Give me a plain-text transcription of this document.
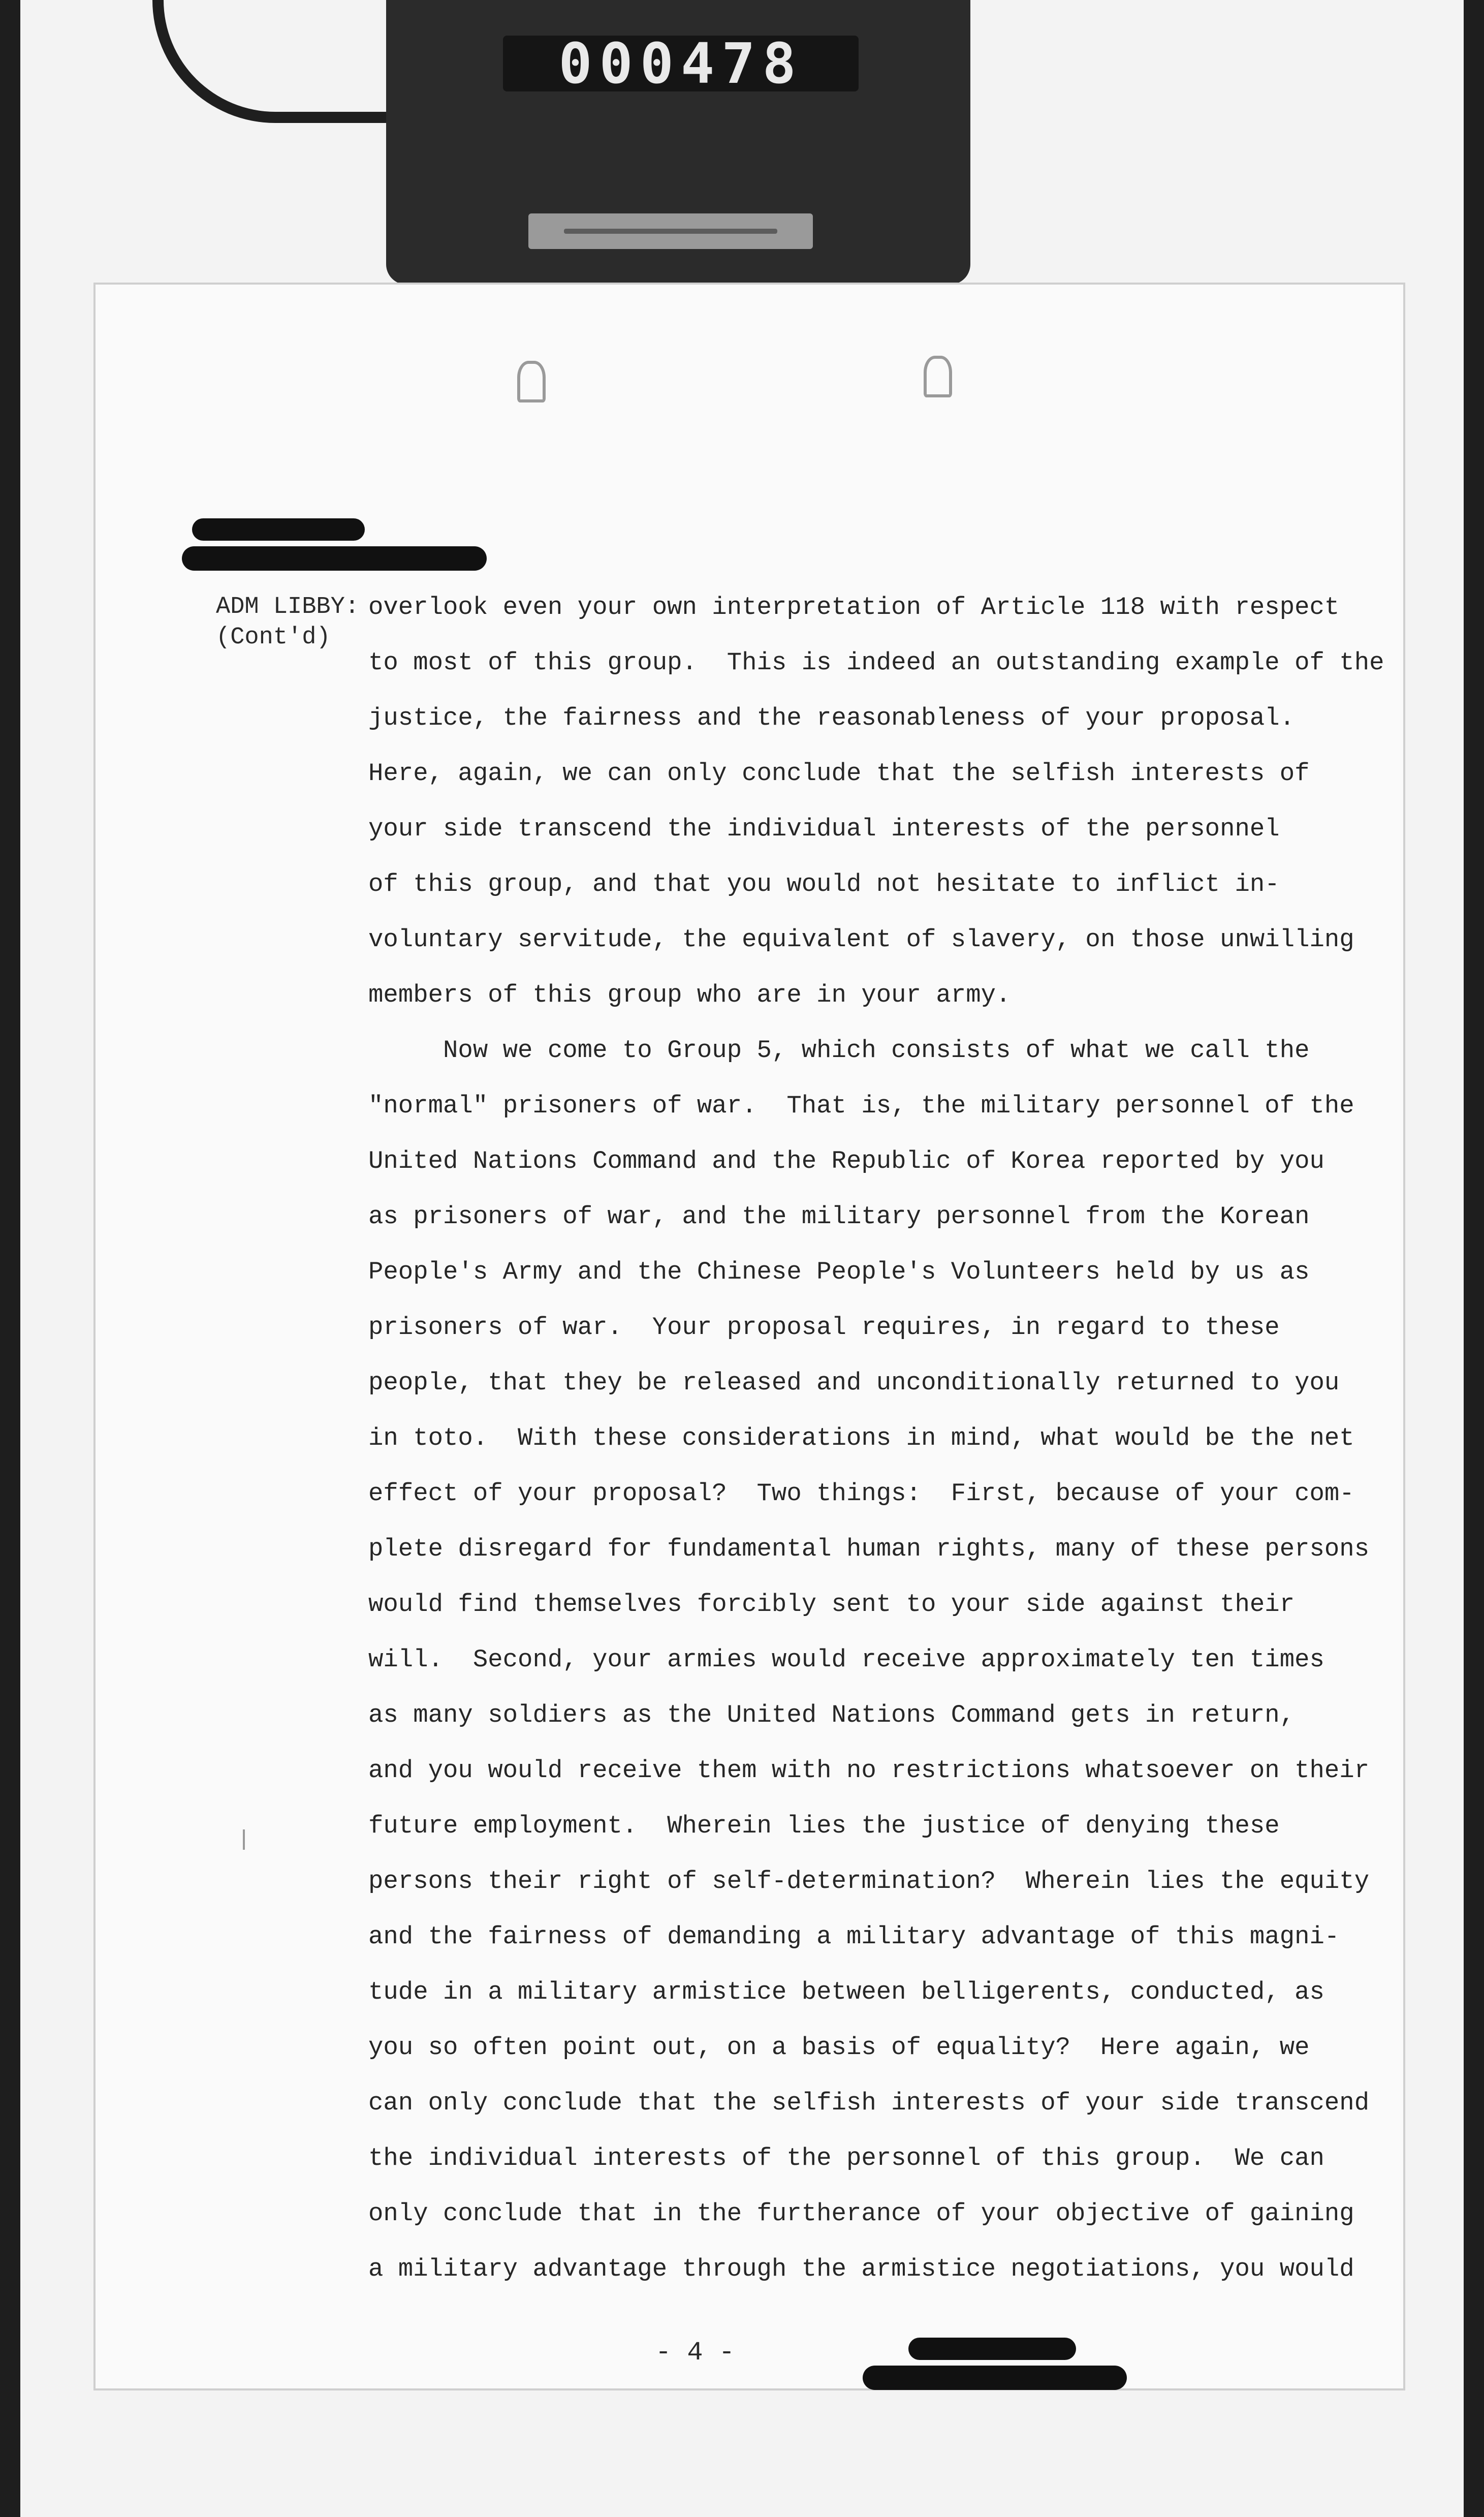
000478
ADM LIBBY:
(Cont'd)
overlook even your own interpretation of Article 118 with respect
to most of this group.  This is indeed an outstanding example of the
justice, the fairness and the reasonableness of your proposal.
Here, again, we can only conclude that the selfish interests of
your side transcend the individual interests of the personnel
of this group, and that you would not hesitate to inflict in-
voluntary servitude, the equivalent of slavery, on those unwilling
members of this group who are in your army.
Now we come to Group 5, which consists of what we call the
"normal" prisoners of war.  That is, the military personnel of the
United Nations Command and the Republic of Korea reported by you
as prisoners of war, and the military personnel from the Korean
People's Army and the Chinese People's Volunteers held by us as
prisoners of war.  Your proposal requires, in regard to these
people, that they be released and unconditionally returned to you
in toto.  With these considerations in mind, what would be the net
effect of your proposal?  Two things:  First, because of your com-
plete disregard for fundamental human rights, many of these persons
would find themselves forcibly sent to your side against their
will.  Second, your armies would receive approximately ten times
as many soldiers as the United Nations Command gets in return,
and you would receive them with no restrictions whatsoever on their
future employment.  Wherein lies the justice of denying these
persons their right of self-determination?  Wherein lies the equity
and the fairness of demanding a military advantage of this magni-
tude in a military armistice between belligerents, conducted, as
you so often point out, on a basis of equality?  Here again, we
can only conclude that the selfish interests of your side transcend
the individual interests of the personnel of this group.  We can
only conclude that in the furtherance of your objective of gaining
a military advantage through the armistice negotiations, you would
- 4 -
